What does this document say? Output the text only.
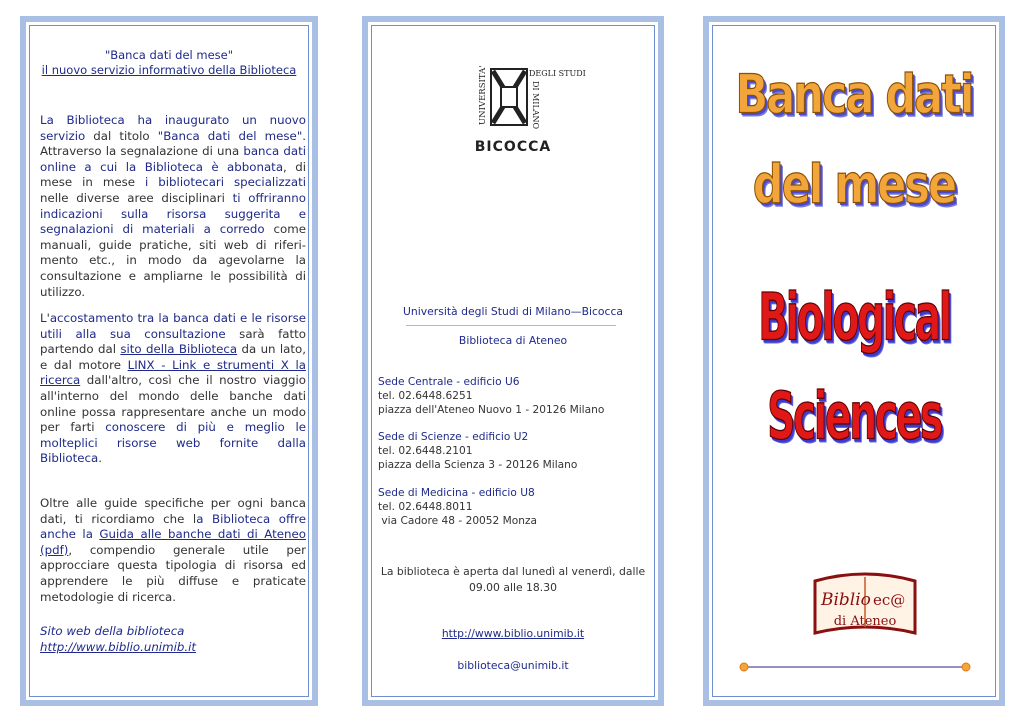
"Banca dati del mese"
il nuovo servizio informativo della Biblioteca
La Biblioteca ha inaugurato un nuovo servizio dal titolo "Banca dati del mese". Attraverso la segnalazione di una banca dati online a cui la Biblioteca è abbonata, di mese in mese i bibliotecari specializzati nelle diverse aree disciplinari ti offriranno indicazioni sulla risorsa suggerita e segnalazioni di materiali a corredo come manuali, guide pratiche, siti web di riferimento etc., in modo da agevolarne la consultazione e ampliarne le possibilità di utilizzo.
L'accostamento tra la banca dati e le risorse utili alla sua consultazione sarà fatto partendo dal sito della Biblioteca da un lato, e dal motore LINX - Link e strumenti X la ricerca dall'altro, così che il nostro viaggio all'interno del mondo delle banche dati online possa rappresentare anche un modo per farti conoscere di più e meglio le molteplici risorse web fornite dalla Biblioteca.
Oltre alle guide specifiche per ogni banca dati, ti ricordiamo che la Biblioteca offre anche la Guida alle banche dati di Ateneo (pdf), compendio generale utile per approcciare questa tipologia di risorsa ed apprendere le più diffuse e praticate metodologie di ricerca.
Sito web della biblioteca
http://www.biblio.unimib.it
UNIVERSITA'	DEGLI STUDI
DI MILANO
BICOCCA
Università degli Studi di Milano—Bicocca
Biblioteca di Ateneo
Sede Centrale - edificio U6
tel. 02.6448.6251
piazza dell'Ateneo Nuovo 1 - 20126 Milano
Sede di Scienze - edificio U2
tel. 02.6448.2101
piazza della Scienza 3 - 20126 Milano
Sede di Medicina - edificio U8
tel. 02.6448.8011
via Cadore 48 - 20052 Monza
La biblioteca è aperta dal lunedì al venerdì, dalle
09.00 alle 18.30
http://www.biblio.unimib.it
biblioteca@unimib.it
Banca dati
del mese
Biological
Sciences
Biblio ec@
di Ateneo
